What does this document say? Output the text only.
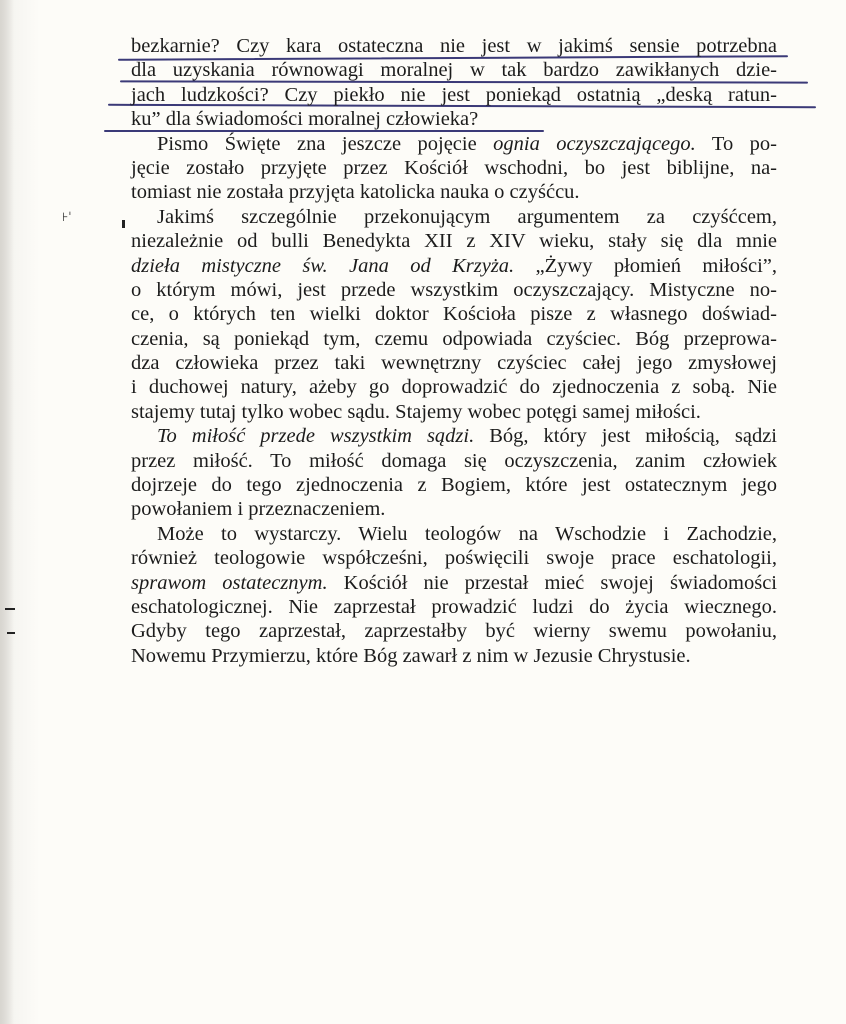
⊦ˈ
bezkarnie? Czy kara ostateczna nie jest w jakimś sensie potrzebna
dla uzyskania równowagi moralnej w tak bardzo zawikłanych dzie-
jach ludzkości? Czy piekło nie jest poniekąd ostatnią „deską ratun-
ku” dla świadomości moralnej człowieka?
Pismo Święte zna jeszcze pojęcie ognia oczyszczającego. To po-
jęcie zostało przyjęte przez Kościół wschodni, bo jest biblijne, na-
tomiast nie została przyjęta katolicka nauka o czyśćcu.
Jakimś szczególnie przekonującym argumentem za czyśćcem,
niezależnie od bulli Benedykta XII z XIV wieku, stały się dla mnie
dzieła mistyczne św. Jana od Krzyża. „Żywy płomień miłości”,
o którym mówi, jest przede wszystkim oczyszczający. Mistyczne no-
ce, o których ten wielki doktor Kościoła pisze z własnego doświad-
czenia, są poniekąd tym, czemu odpowiada czyściec. Bóg przeprowa-
dza człowieka przez taki wewnętrzny czyściec całej jego zmysłowej
i duchowej natury, ażeby go doprowadzić do zjednoczenia z sobą. Nie
stajemy tutaj tylko wobec sądu. Stajemy wobec potęgi samej miłości.
To miłość przede wszystkim sądzi. Bóg, który jest miłością, sądzi
przez miłość. To miłość domaga się oczyszczenia, zanim człowiek
dojrzeje do tego zjednoczenia z Bogiem, które jest ostatecznym jego
powołaniem i przeznaczeniem.
Może to wystarczy. Wielu teologów na Wschodzie i Zachodzie,
również teologowie współcześni, poświęcili swoje prace eschatologii,
sprawom ostatecznym. Kościół nie przestał mieć swojej świadomości
eschatologicznej. Nie zaprzestał prowadzić ludzi do życia wiecznego.
Gdyby tego zaprzestał, zaprzestałby być wierny swemu powołaniu,
Nowemu Przymierzu, które Bóg zawarł z nim w Jezusie Chrystusie.
